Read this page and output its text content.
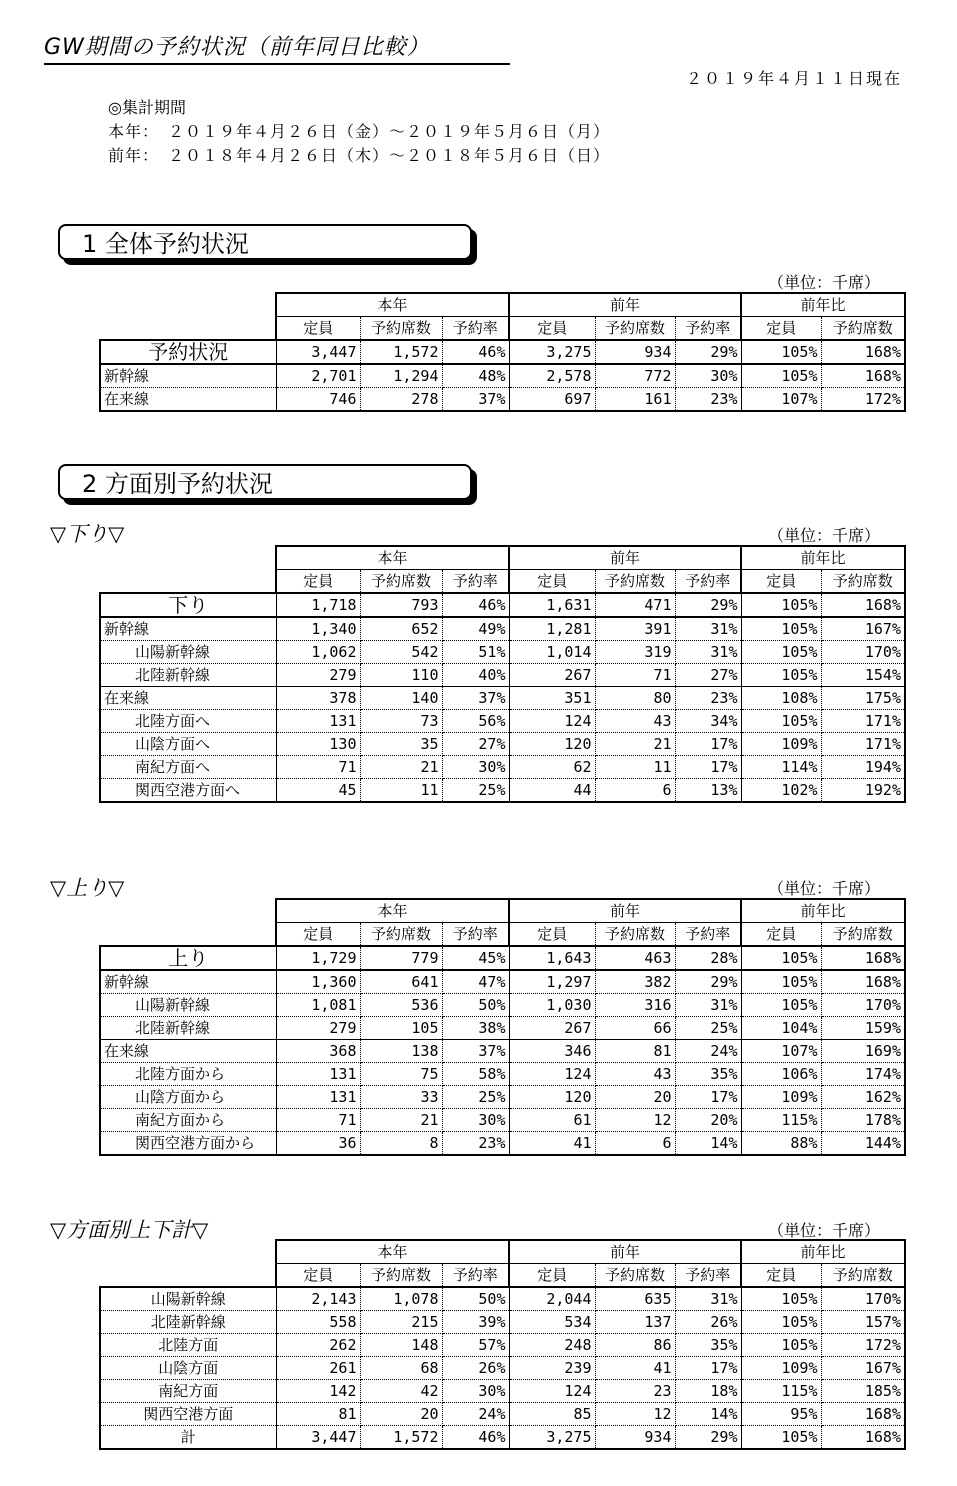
GW期間の予約状況（前年同日比較）
２０１９年４月１１日現在
◎集計期間
本年：　２０１９年４月２６日（金）～２０１９年５月６日（月）
前年：　２０１８年４月２６日（木）～２０１８年５月６日（日）
1 全体予約状況
（単位：千席）
	本年			前年			前年比	
	定員	予約席数	予約率	定員	予約席数	予約率	定員	予約席数
予約状況	3,447	1,572	46%	3,275	934	29%	105%	168%
新幹線	2,701	1,294	48%	2,578	772	30%	105%	168%
在来線	746	278	37%	697	161	23%	107%	172%
2 方面別予約状況
▽下り▽	（単位：千席）
	本年			前年			前年比	
	定員	予約席数	予約率	定員	予約席数	予約率	定員	予約席数
下り	1,718	793	46%	1,631	471	29%	105%	168%
新幹線	1,340	652	49%	1,281	391	31%	105%	167%
山陽新幹線	1,062	542	51%	1,014	319	31%	105%	170%
北陸新幹線	279	110	40%	267	71	27%	105%	154%
在来線	378	140	37%	351	80	23%	108%	175%
北陸方面へ	131	73	56%	124	43	34%	105%	171%
山陰方面へ	130	35	27%	120	21	17%	109%	171%
南紀方面へ	71	21	30%	62	11	17%	114%	194%
関西空港方面へ	45	11	25%	44	6	13%	102%	192%
▽上り▽	（単位：千席）
	本年			前年			前年比	
	定員	予約席数	予約率	定員	予約席数	予約率	定員	予約席数
上り	1,729	779	45%	1,643	463	28%	105%	168%
新幹線	1,360	641	47%	1,297	382	29%	105%	168%
山陽新幹線	1,081	536	50%	1,030	316	31%	105%	170%
北陸新幹線	279	105	38%	267	66	25%	104%	159%
在来線	368	138	37%	346	81	24%	107%	169%
北陸方面から	131	75	58%	124	43	35%	106%	174%
山陰方面から	131	33	25%	120	20	17%	109%	162%
南紀方面から	71	21	30%	61	12	20%	115%	178%
関西空港方面から	36	8	23%	41	6	14%	88%	144%
▽方面別上下計▽	（単位：千席）
	本年			前年			前年比	
	定員	予約席数	予約率	定員	予約席数	予約率	定員	予約席数
山陽新幹線	2,143	1,078	50%	2,044	635	31%	105%	170%
北陸新幹線	558	215	39%	534	137	26%	105%	157%
北陸方面	262	148	57%	248	86	35%	105%	172%
山陰方面	261	68	26%	239	41	17%	109%	167%
南紀方面	142	42	30%	124	23	18%	115%	185%
関西空港方面	81	20	24%	85	12	14%	95%	168%
計	3,447	1,572	46%	3,275	934	29%	105%	168%
